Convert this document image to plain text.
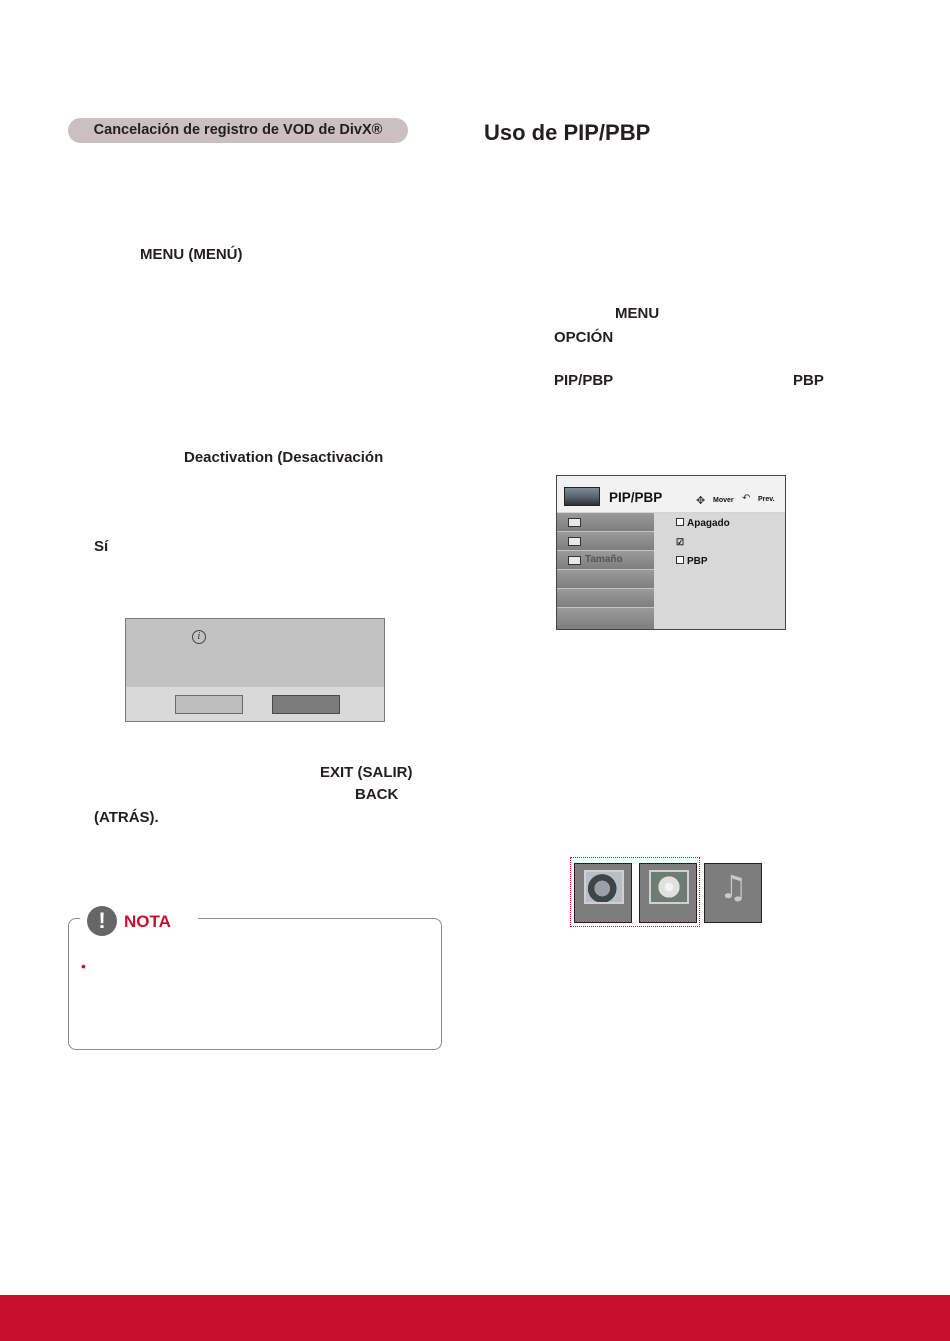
Cancelación de registro de VOD de DivX®
MENU (MENÚ)
Deactivation (Desactivación
Sí
i
EXIT (SALIR)
BACK
(ATRÁS).
!	NOTA
•
Uso de PIP/PBP
MENU
OPCIÓN
PIP/PBP	PBP
PIP/PBP	✥ Mover ↶ Prev.
Tamaño
Apagado
☑
PBP
♫
